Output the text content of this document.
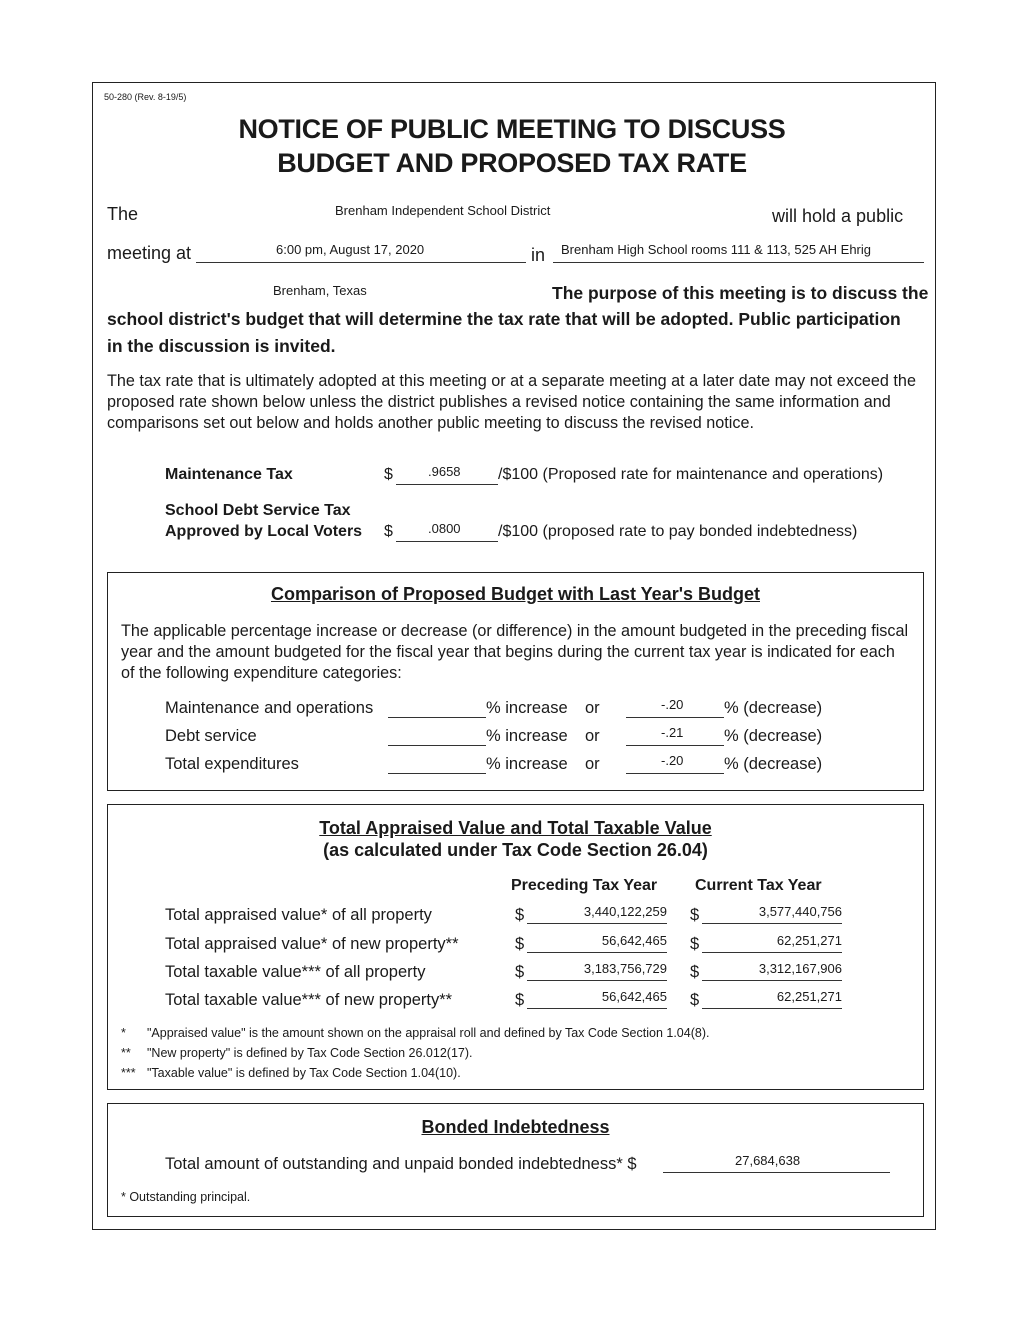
50-280 (Rev. 8-19/5)
NOTICE OF PUBLIC MEETING TO DISCUSS
BUDGET AND PROPOSED TAX RATE
The	Brenham Independent School District	will hold a public
meeting at	6:00 pm, August 17, 2020	in Brenham High School rooms 111 & 113, 525 AH Ehrig
Brenham, Texas	The purpose of this meeting is to discuss the
school district's budget that will determine the tax rate that will be adopted. Public participation
in the discussion is invited.
The tax rate that is ultimately adopted at this meeting or at a separate meeting at a later date may not exceed the proposed rate shown below unless the district publishes a revised notice containing the same information and comparisons set out below and holds another public meeting to discuss the revised notice.
Maintenance Tax	$	.9658 /$100 (Proposed rate for maintenance and operations)
School Debt Service Tax
Approved by Local Voters $	.0800 /$100 (proposed rate to pay bonded indebtedness)
Comparison of Proposed Budget with Last Year's Budget
The applicable percentage increase or decrease (or difference) in the amount budgeted in the preceding fiscal year and the amount budgeted for the fiscal year that begins during the current tax year is indicated for each of the following expenditure categories:
Maintenance and operations	% increase or	-.20 % (decrease)
Debt service	% increase or	-.21 % (decrease)
Total expenditures	% increase or	-.20 % (decrease)
Total Appraised Value and Total Taxable Value
(as calculated under Tax Code Section 26.04)
Preceding Tax Year Current Tax Year
Total appraised value* of all property	$	3,440,122,259 $	3,577,440,756
Total appraised value* of new property**	$	56,642,465 $	62,251,271
Total taxable value*** of all property	$	3,183,756,729 $	3,312,167,906
Total taxable value*** of new property**	$	56,642,465 $	62,251,271
* "Appraised value" is the amount shown on the appraisal roll and defined by Tax Code Section 1.04(8).
** "New property" is defined by Tax Code Section 26.012(17).
*** "Taxable value" is defined by Tax Code Section 1.04(10).
Bonded Indebtedness
Total amount of outstanding and unpaid bonded indebtedness* $	27,684,638
* Outstanding principal.
